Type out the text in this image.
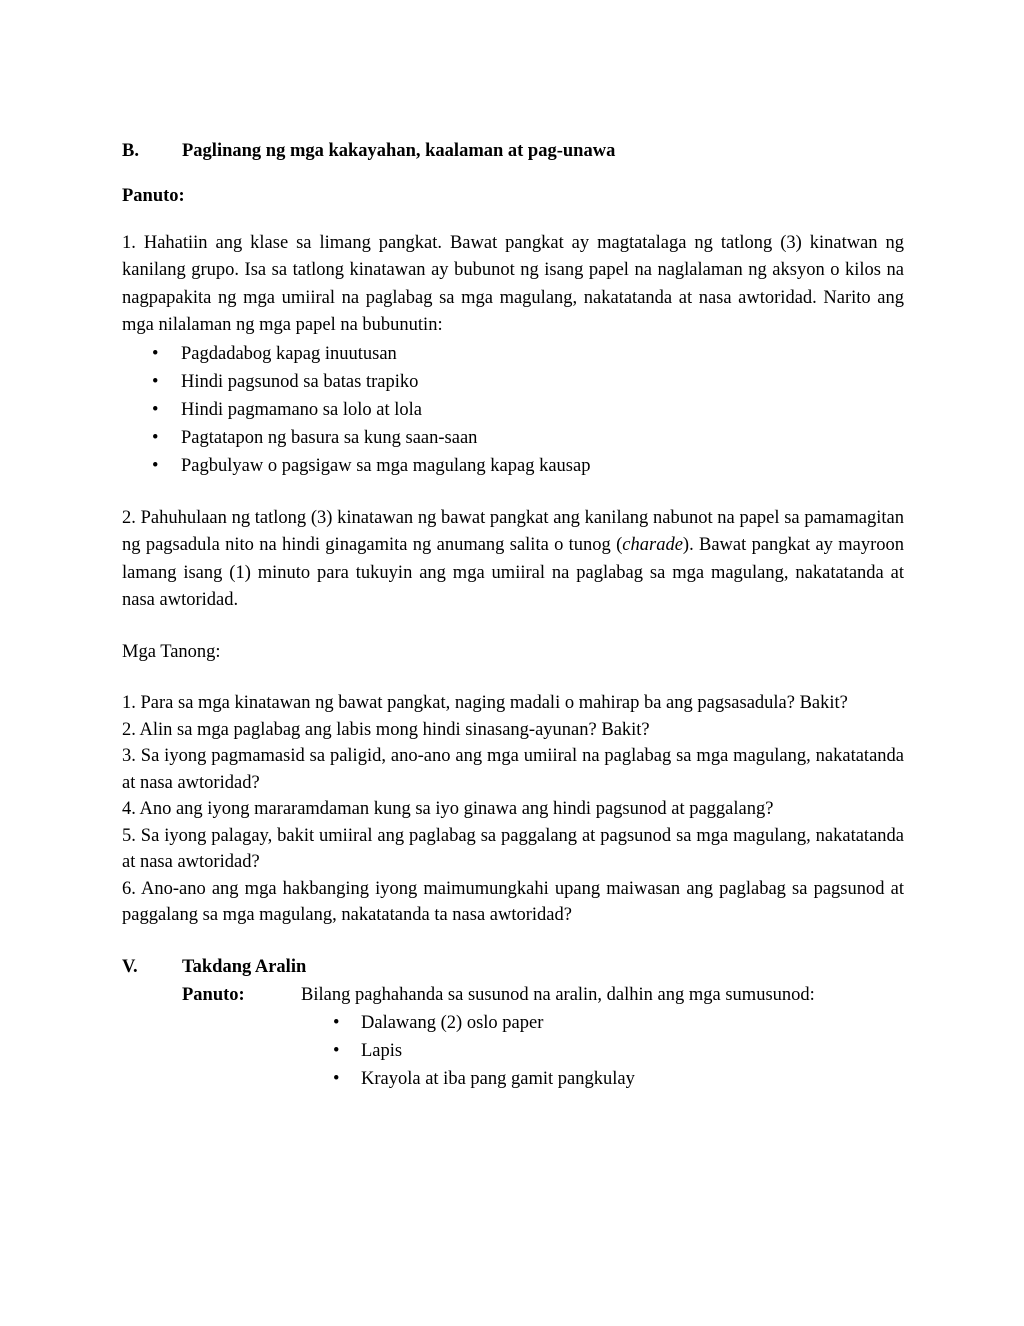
B.	Paglinang ng mga kakayahan, kaalaman at pag-unawa

Panuto:

1. Hahatiin ang klase sa limang pangkat. Bawat pangkat ay magtatalaga ng tatlong (3) kinatwan ng kanilang grupo. Isa sa tatlong kinatawan ay bubunot ng isang papel na naglalaman ng aksyon o kilos na nagpapakita ng mga umiiral na paglabag sa mga magulang, nakatatanda at nasa awtoridad. Narito ang mga nilalaman ng mga papel na bubunutin:

• Pagdadabog kapag inuutusan
• Hindi pagsunod sa batas trapiko
• Hindi pagmamano sa lolo at lola
• Pagtatapon ng basura sa kung saan-saan
• Pagbulyaw o pagsigaw sa mga magulang kapag kausap

2. Pahuhulaan ng tatlong (3) kinatawan ng bawat pangkat ang kanilang nabunot na papel sa pamamagitan ng pagsadula nito na hindi ginagamita ng anumang salita o tunog (charade). Bawat pangkat ay mayroon lamang isang (1) minuto para tukuyin ang mga umiiral na paglabag sa mga magulang, nakatatanda at nasa awtoridad.

Mga Tanong:

1. Para sa mga kinatawan ng bawat pangkat, naging madali o mahirap ba ang pagsasadula? Bakit?

2. Alin sa mga paglabag ang labis mong hindi sinasang-ayunan? Bakit?

3. Sa iyong pagmamasid sa paligid, ano-ano ang mga umiiral na paglabag sa mga magulang, nakatatanda at nasa awtoridad?

4. Ano ang iyong mararamdaman kung sa iyo ginawa ang hindi pagsunod at paggalang?

5. Sa iyong palagay, bakit umiiral ang paglabag sa paggalang at pagsunod sa mga magulang, nakatatanda at nasa awtoridad?

6. Ano-ano ang mga hakbanging iyong maimumungkahi upang maiwasan ang paglabag sa pagsunod at paggalang sa mga magulang, nakatatanda ta nasa awtoridad?

V.	Takdang Aralin
Panuto:	Bilang paghahanda sa susunod na aralin, dalhin ang mga sumusunod:
• Dalawang (2) oslo paper
• Lapis
• Krayola at iba pang gamit pangkulay
